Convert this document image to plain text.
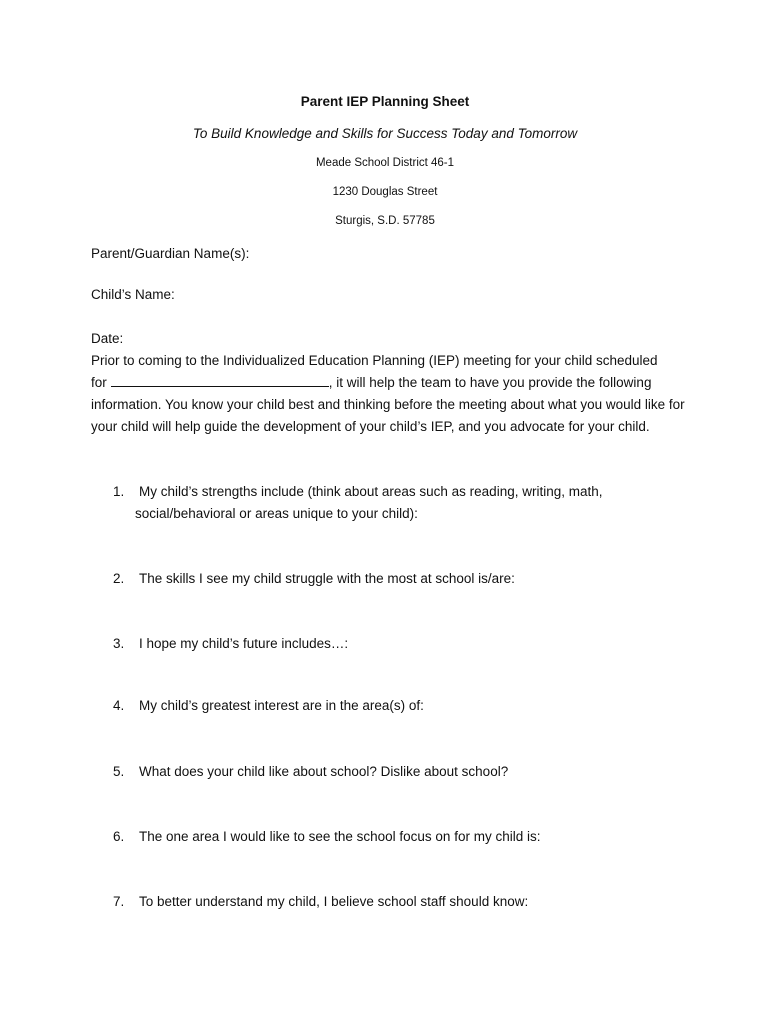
Parent IEP Planning Sheet
To Build Knowledge and Skills for Success Today and Tomorrow
Meade School District 46-1
1230 Douglas Street
Sturgis, S.D. 57785
Parent/Guardian Name(s):
Child’s Name:
Date:
Prior to coming to the Individualized Education Planning (IEP) meeting for your child scheduled
for	, it will help the team to have you provide the following information. You know your child best and thinking before the meeting about what you would like for your child will help guide the development of your child’s IEP, and you advocate for your child.
1. My child’s strengths include (think about areas such as reading, writing, math,
social/behavioral or areas unique to your child):
2. The skills I see my child struggle with the most at school is/are:
3. I hope my child’s future includes…:
4. My child’s greatest interest are in the area(s) of:
5. What does your child like about school? Dislike about school?
6. The one area I would like to see the school focus on for my child is:
7. To better understand my child, I believe school staff should know:
